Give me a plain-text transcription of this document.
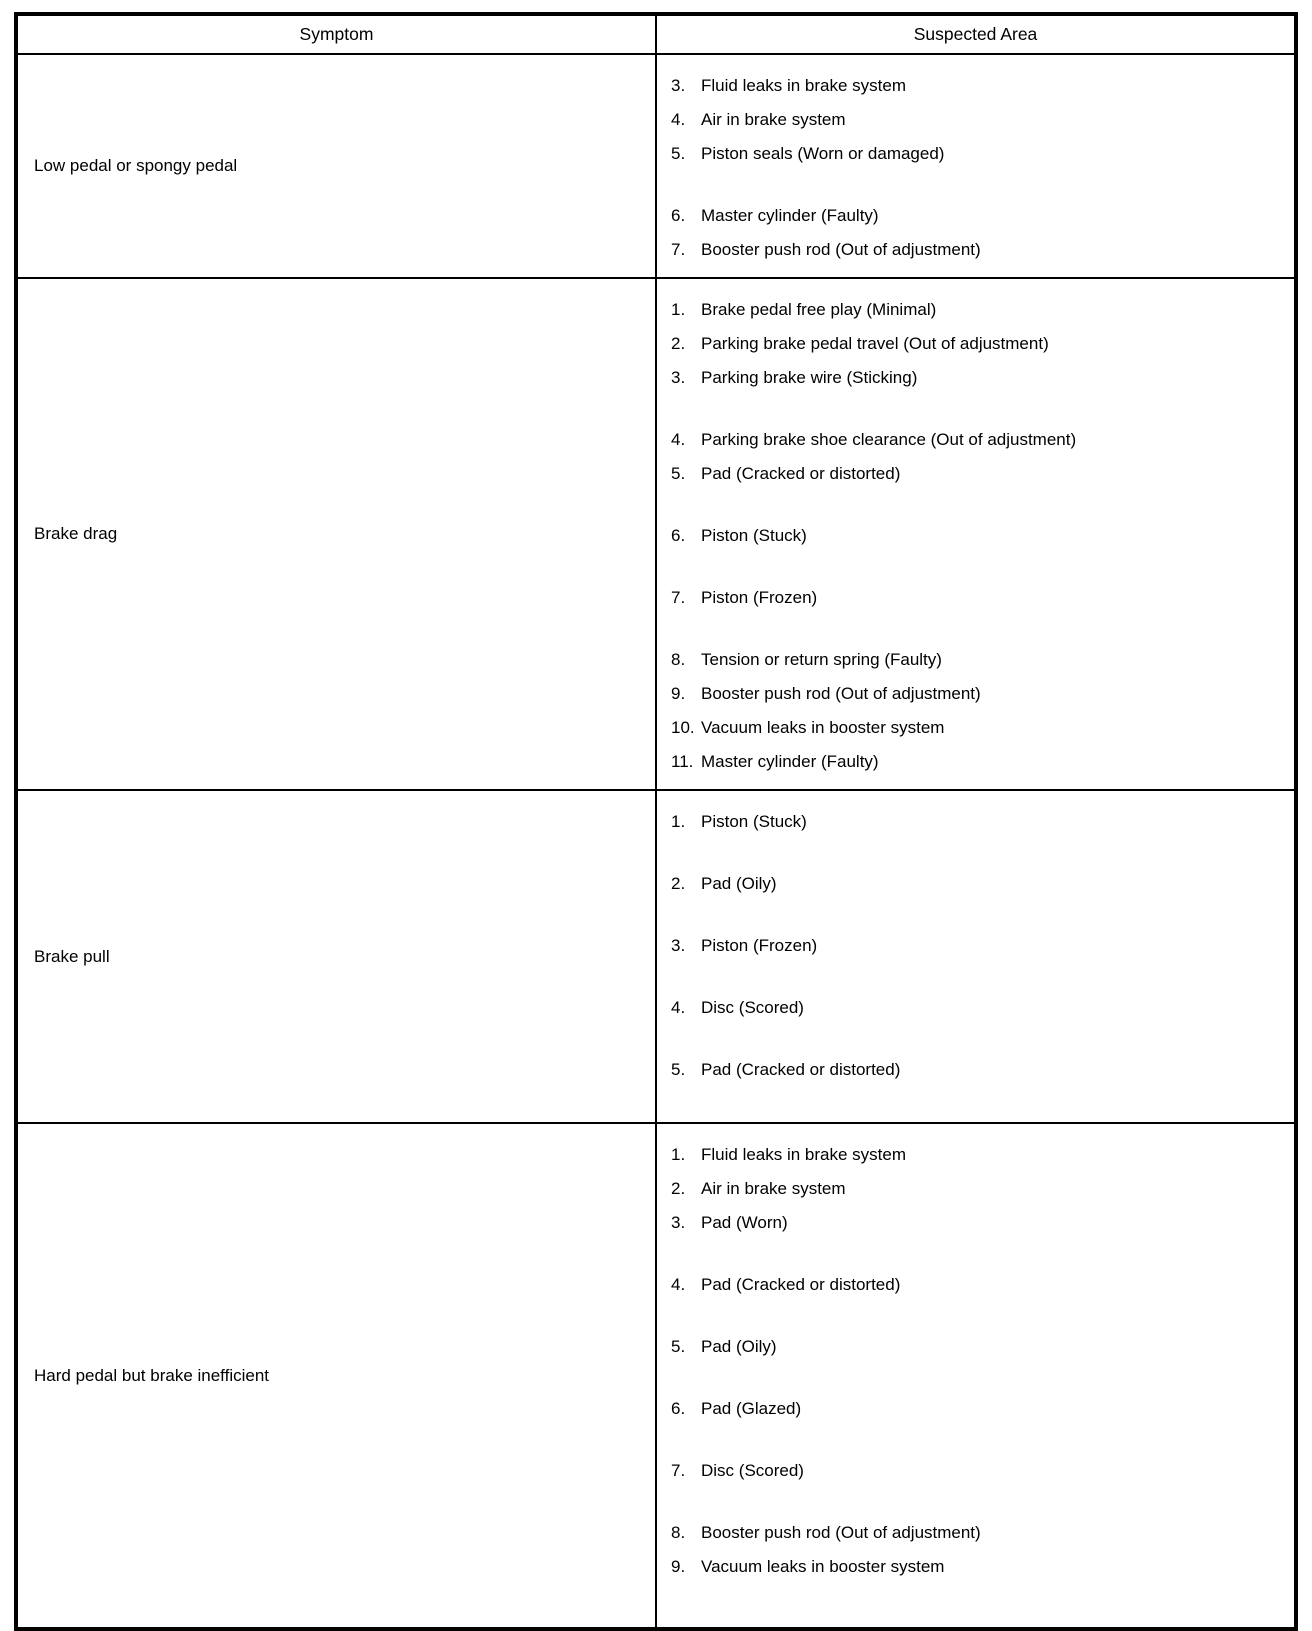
Symptom	Suspected Area
Low pedal or spongy pedal	
3. Fluid leaks in brake system
4. Air in brake system
5. Piston seals (Worn or damaged)
6. Master cylinder (Faulty)
7. Booster push rod (Out of adjustment)

Brake drag	
1. Brake pedal free play (Minimal)
2. Parking brake pedal travel (Out of adjustment)
3. Parking brake wire (Sticking)
4. Parking brake shoe clearance (Out of adjustment)
5. Pad (Cracked or distorted)
6. Piston (Stuck)
7. Piston (Frozen)
8. Tension or return spring (Faulty)
9. Booster push rod (Out of adjustment)
10. Vacuum leaks in booster system
11. Master cylinder (Faulty)

Brake pull	
1. Piston (Stuck)
2. Pad (Oily)
3. Piston (Frozen)
4. Disc (Scored)
5. Pad (Cracked or distorted)

Hard pedal but brake inefficient	
1. Fluid leaks in brake system
2. Air in brake system
3. Pad (Worn)
4. Pad (Cracked or distorted)
5. Pad (Oily)
6. Pad (Glazed)
7. Disc (Scored)
8. Booster push rod (Out of adjustment)
9. Vacuum leaks in booster system
